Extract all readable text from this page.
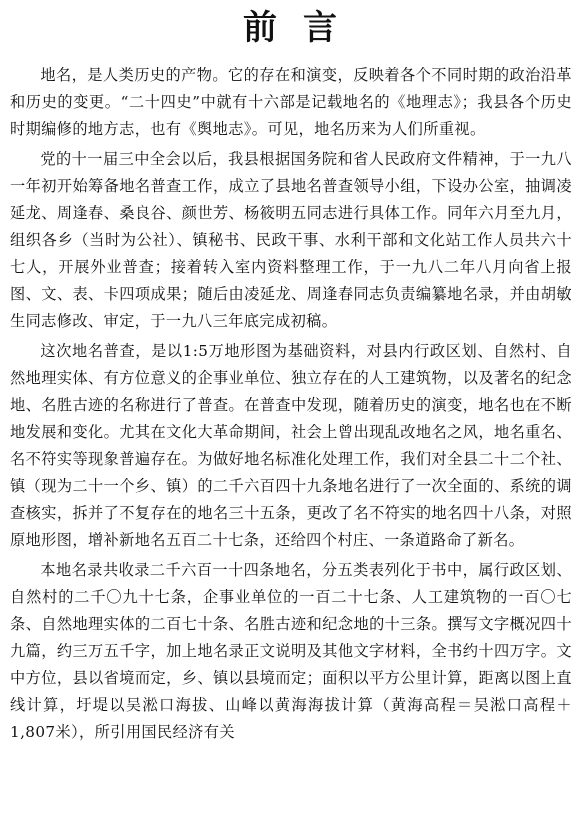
前言

地名，是人类历史的产物。它的存在和演变，反映着各个不同时期的政治沿革和历史的变更。“二十四史”中就有十六部是记载地名的《地理志》；我县各个历史时期编修的地方志，也有《舆地志》。可见，地名历来为人们所重视。

党的十一届三中全会以后，我县根据国务院和省人民政府文件精神，于一九八一年初开始筹备地名普查工作，成立了县地名普查领导小组，下设办公室，抽调凌延龙、周逢春、桑良谷、颜世芳、杨筱明五同志进行具体工作。同年六月至九月，组织各乡（当时为公社）、镇秘书、民政干事、水利干部和文化站工作人员共六十七人，开展外业普查；接着转入室内资料整理工作，于一九八二年八月向省上报图、文、表、卡四项成果；随后由凌延龙、周逢春同志负责编纂地名录，并由胡敏生同志修改、审定，于一九八三年底完成初稿。

这次地名普查，是以1:5万地形图为基础资料，对县内行政区划、自然村、自然地理实体、有方位意义的企事业单位、独立存在的人工建筑物，以及著名的纪念地、名胜古迹的名称进行了普查。在普查中发现，随着历史的演变，地名也在不断地发展和变化。尤其在文化大革命期间，社会上曾出现乱改地名之风，地名重名、名不符实等现象普遍存在。为做好地名标准化处理工作，我们对全县二十二个社、镇（现为二十一个乡、镇）的二千六百四十九条地名进行了一次全面的、系统的调查核实，拆并了不复存在的地名三十五条，更改了名不符实的地名四十八条，对照原地形图，增补新地名五百二十七条，还给四个村庄、一条道路命了新名。

本地名录共收录二千六百一十四条地名，分五类表列化于书中，属行政区划、自然村的二千〇九十七条，企事业单位的一百二十七条、人工建筑物的一百〇七条、自然地理实体的二百七十条、名胜古迹和纪念地的十三条。撰写文字概况四十九篇，约三万五千字，加上地名录正文说明及其他文字材料，全书约十四万字。文中方位，县以省境而定，乡、镇以县境而定；面积以平方公里计算，距离以图上直线计算，圩堤以吴淞口海拔、山峰以黄海海拔计算（黄海高程＝吴淞口高程＋1,807米），所引用国民经济有关
